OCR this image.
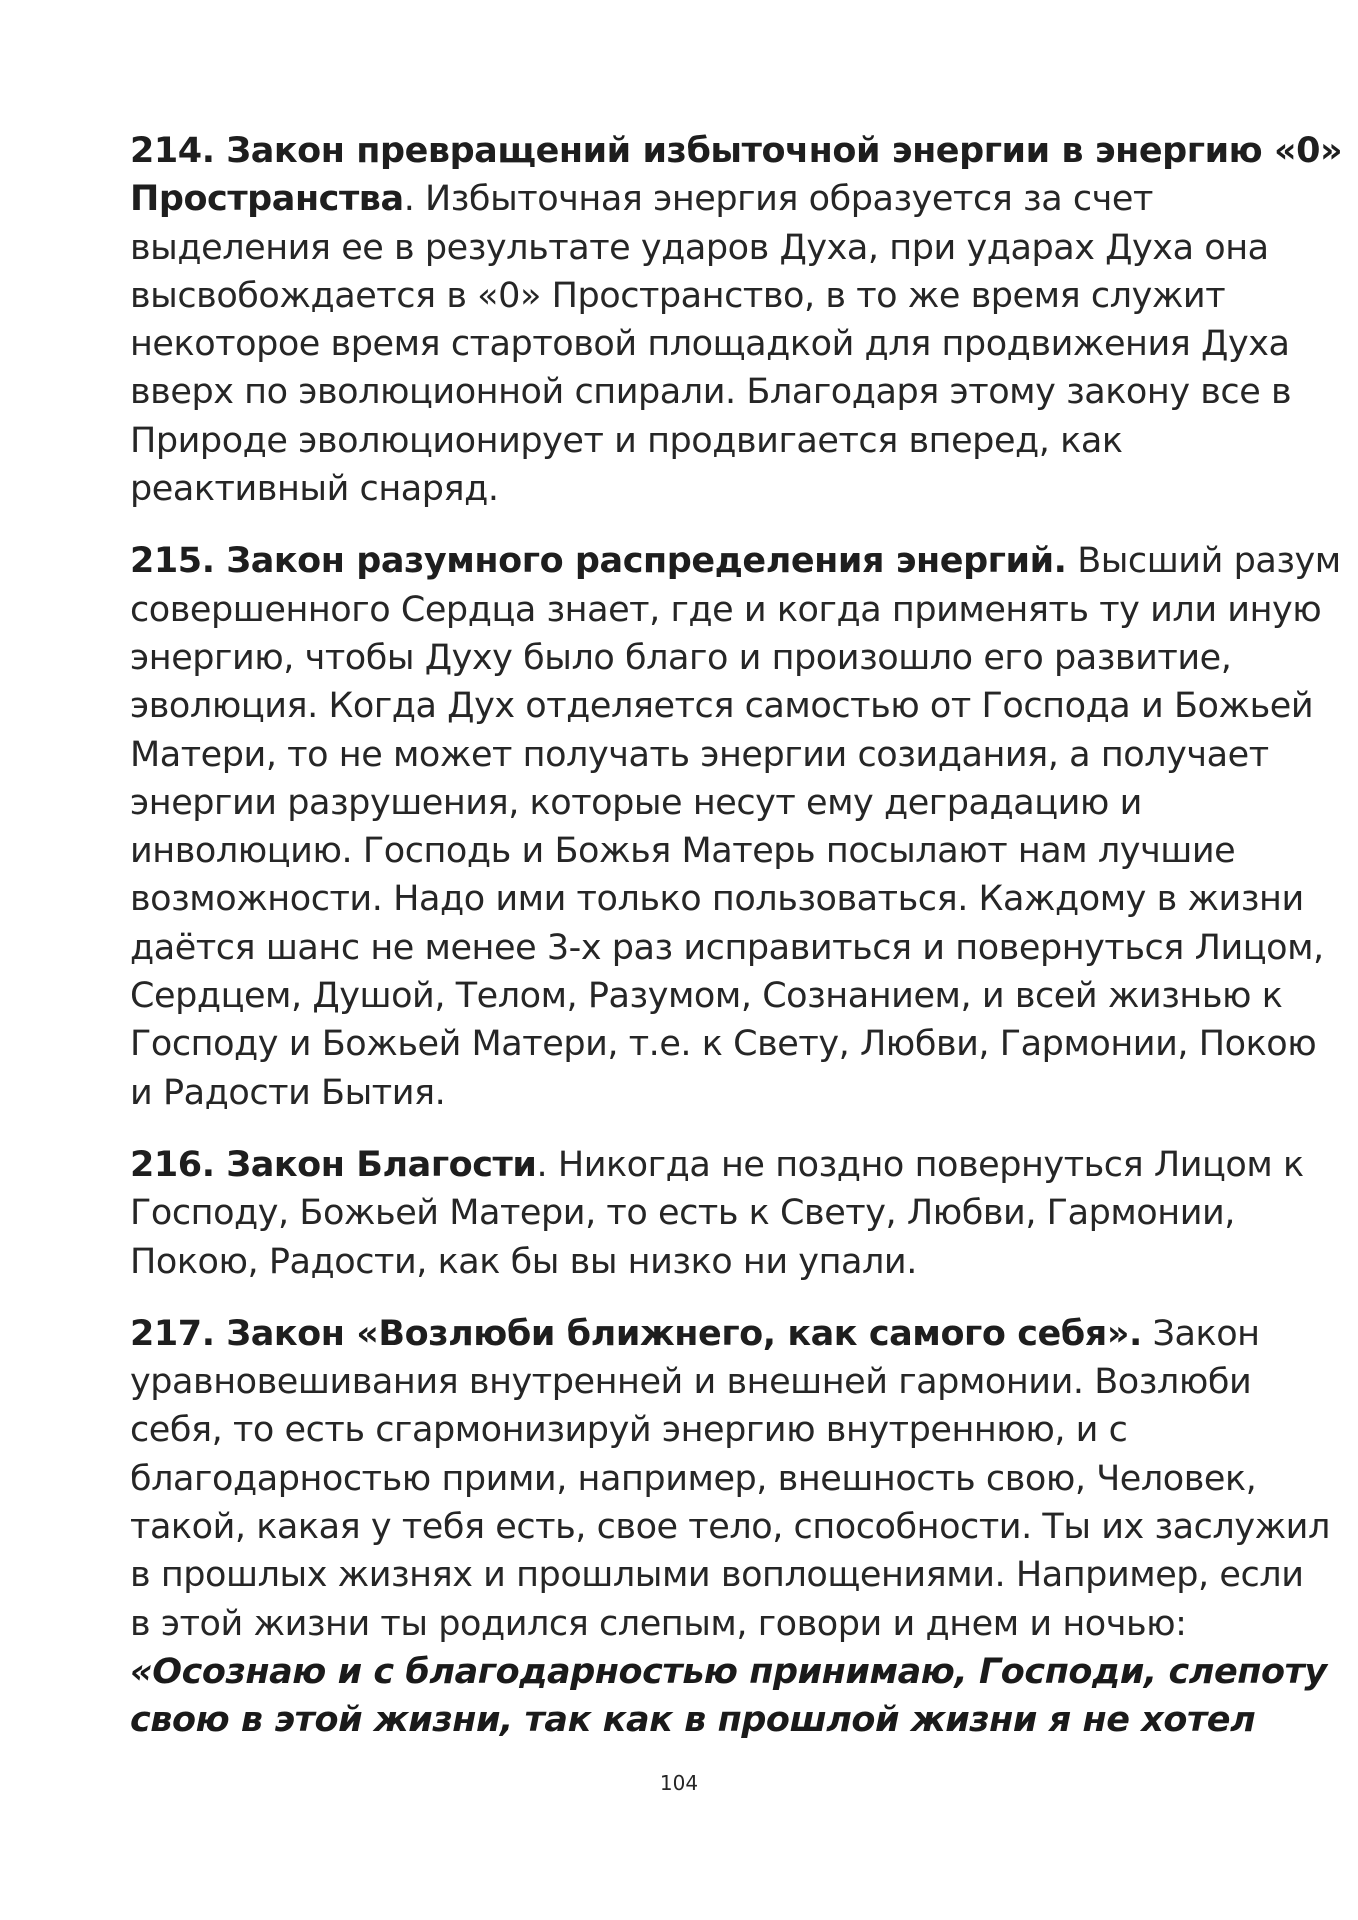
214. Закон превращений избыточной энергии в энергию «0»
Пространства. Избыточная энергия образуется за счет
выделения ее в результате ударов Духа, при ударах Духа она
высвобождается в «0» Пространство, в то же время служит
некоторое время стартовой площадкой для продвижения Духа
вверх по эволюционной спирали. Благодаря этому закону все в
Природе эволюционирует и продвигается вперед, как
реактивный снаряд.
215. Закон разумного распределения энергий. Высший разум
совершенного Сердца знает, где и когда применять ту или иную
энергию, чтобы Духу было благо и произошло его развитие,
эволюция. Когда Дух отделяется самостью от Господа и Божьей
Матери, то не может получать энергии созидания, а получает
энергии разрушения, которые несут ему деградацию и
инволюцию. Господь и Божья Матерь посылают нам лучшие
возможности. Надо ими только пользоваться. Каждому в жизни
даётся шанс не менее 3-х раз исправиться и повернуться Лицом,
Сердцем, Душой, Телом, Разумом, Сознанием, и всей жизнью к
Господу и Божьей Матери, т.е. к Свету, Любви, Гармонии, Покою
и Радости Бытия.
216. Закон Благости. Никогда не поздно повернуться Лицом к
Господу, Божьей Матери, то есть к Свету, Любви, Гармонии,
Покою, Радости, как бы вы низко ни упали.
217. Закон «Возлюби ближнего, как самого себя». Закон
уравновешивания внутренней и внешней гармонии. Возлюби
себя, то есть сгармонизируй энергию внутреннюю, и с
благодарностью прими, например, внешность свою, Человек,
такой, какая у тебя есть, свое тело, способности. Ты их заслужил
в прошлых жизнях и прошлыми воплощениями. Например, если
в этой жизни ты родился слепым, говори и днем и ночью:
«Осознаю и с благодарностью принимаю, Господи, слепоту
свою в этой жизни, так как в прошлой жизни я не хотел
104
